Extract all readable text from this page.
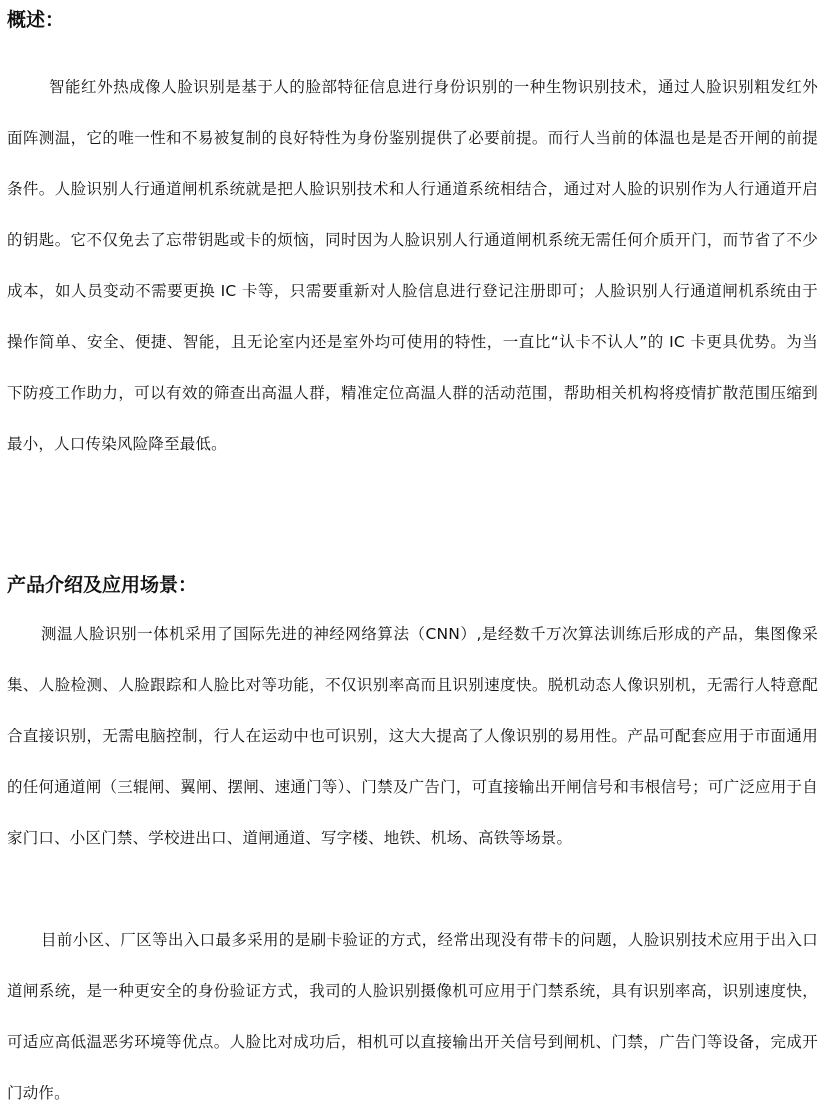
概述：

智能红外热成像人脸识别是基于人的脸部特征信息进行身份识别的一种生物识别技术，通过人脸识别粗发红外面阵测温，它的唯一性和不易被复制的良好特性为身份鉴别提供了必要前提。而行人当前的体温也是是否开闸的前提条件。人脸识别人行通道闸机系统就是把人脸识别技术和人行通道系统相结合，通过对人脸的识别作为人行通道开启的钥匙。它不仅免去了忘带钥匙或卡的烦恼，同时因为人脸识别人行通道闸机系统无需任何介质开门，而节省了不少成本，如人员变动不需要更换 IC 卡等，只需要重新对人脸信息进行登记注册即可；人脸识别人行通道闸机系统由于操作简单、安全、便捷、智能，且无论室内还是室外均可使用的特性，一直比“认卡不认人”的 IC 卡更具优势。为当下防疫工作助力，可以有效的筛查出高温人群，精准定位高温人群的活动范围，帮助相关机构将疫情扩散范围压缩到最小，人口传染风险降至最低。

产品介绍及应用场景：

测温人脸识别一体机采用了国际先进的神经网络算法（CNN）,是经数千万次算法训练后形成的产品，集图像采集、人脸检测、人脸跟踪和人脸比对等功能，不仅识别率高而且识别速度快。脱机动态人像识别机，无需行人特意配合直接识别，无需电脑控制，行人在运动中也可识别，这大大提高了人像识别的易用性。产品可配套应用于市面通用的任何通道闸（三辊闸、翼闸、摆闸、速通门等）、门禁及广告门，可直接输出开闸信号和韦根信号；可广泛应用于自家门口、小区门禁、学校进出口、道闸通道、写字楼、地铁、机场、高铁等场景。

目前小区、厂区等出入口最多采用的是刷卡验证的方式，经常出现没有带卡的问题，人脸识别技术应用于出入口道闸系统，是一种更安全的身份验证方式，我司的人脸识别摄像机可应用于门禁系统，具有识别率高，识别速度快，可适应高低温恶劣环境等优点。人脸比对成功后，相机可以直接输出开关信号到闸机、门禁，广告门等设备，完成开门动作。
